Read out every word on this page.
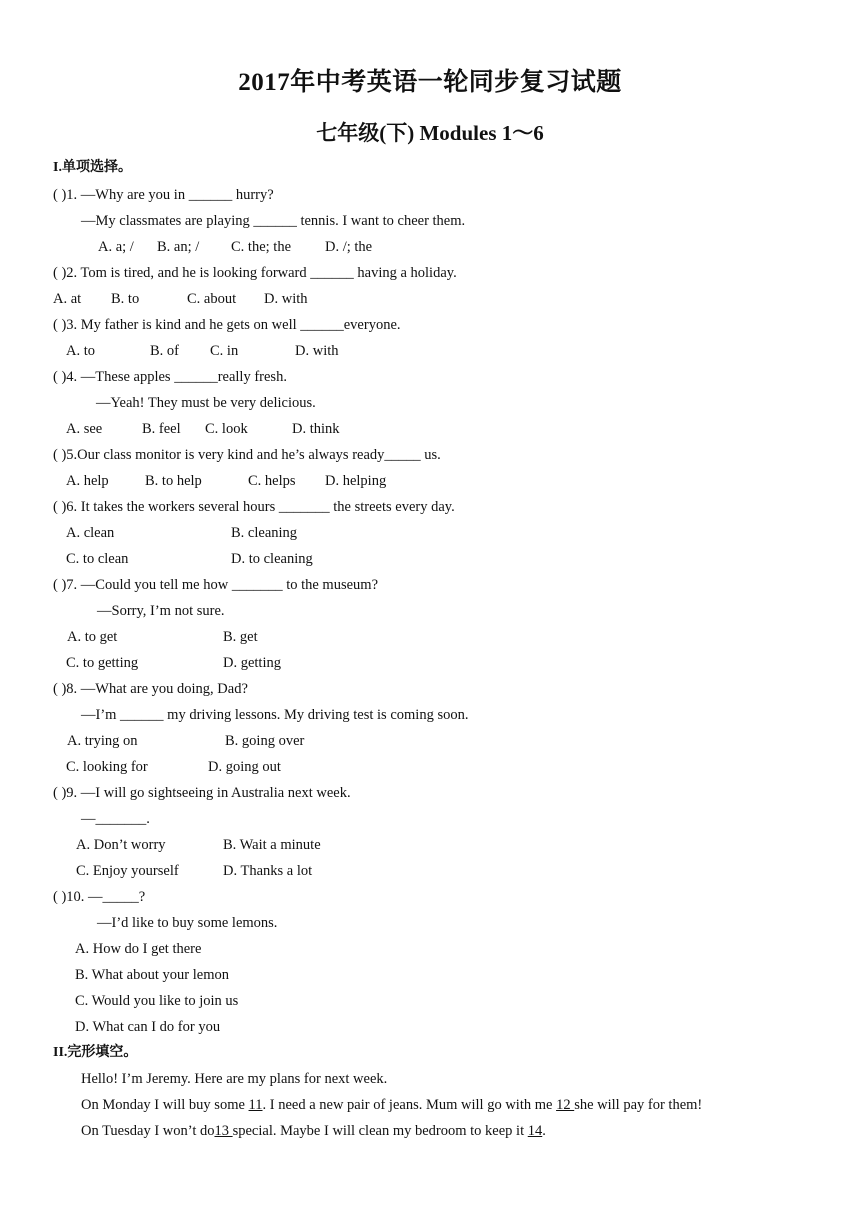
2017年中考英语一轮同步复习试题
七年级(下) Modules 1～6
I.单项选择。
( )1. —Why are you in ______ hurry?
—My classmates are playing ______ tennis. I want to cheer them.
A. a; / B. an; / C. the; the D. /; the
( )2. Tom is tired, and he is looking forward ______ having a holiday.
A. at B. to	C. about D. with
( )3. My father is kind and he gets on well ______everyone.
A. to	B. of C. in	D. with
( )4. —These apples ______really fresh.
—Yeah! They must be very delicious.
A. see	B. feel C. look	D. think
( )5.Our class monitor is very kind and he’s always ready_____ us.
A. help	B. to help	C. helps D. helping
( )6. It takes the workers several hours _______ the streets every day.
A. clean	B. cleaning
C. to clean	D. to cleaning
( )7. —Could you tell me how _______ to the museum?
—Sorry, I’m not sure.
A. to get	B. get
C. to getting	D. getting
( )8. —What are you doing, Dad?
—I’m ______ my driving lessons. My driving test is coming soon.
A. trying on	B. going over
C. looking for	D. going out
( )9. —I will go sightseeing in Australia next week.
—_______.
A. Don’t worry	B. Wait a minute
C. Enjoy yourself	D. Thanks a lot
( )10. —_____?
—I’d like to buy some lemons.
A. How do I get there
B. What about your lemon
C. Would you like to join us
D. What can I do for you
II.完形填空。
Hello! I’m Jeremy. Here are my plans for next week.
On Monday I will buy some 11. I need a new pair of jeans. Mum will go with me 12 she will pay for them!
On Tuesday I won’t do13 special. Maybe I will clean my bedroom to keep it 14.
